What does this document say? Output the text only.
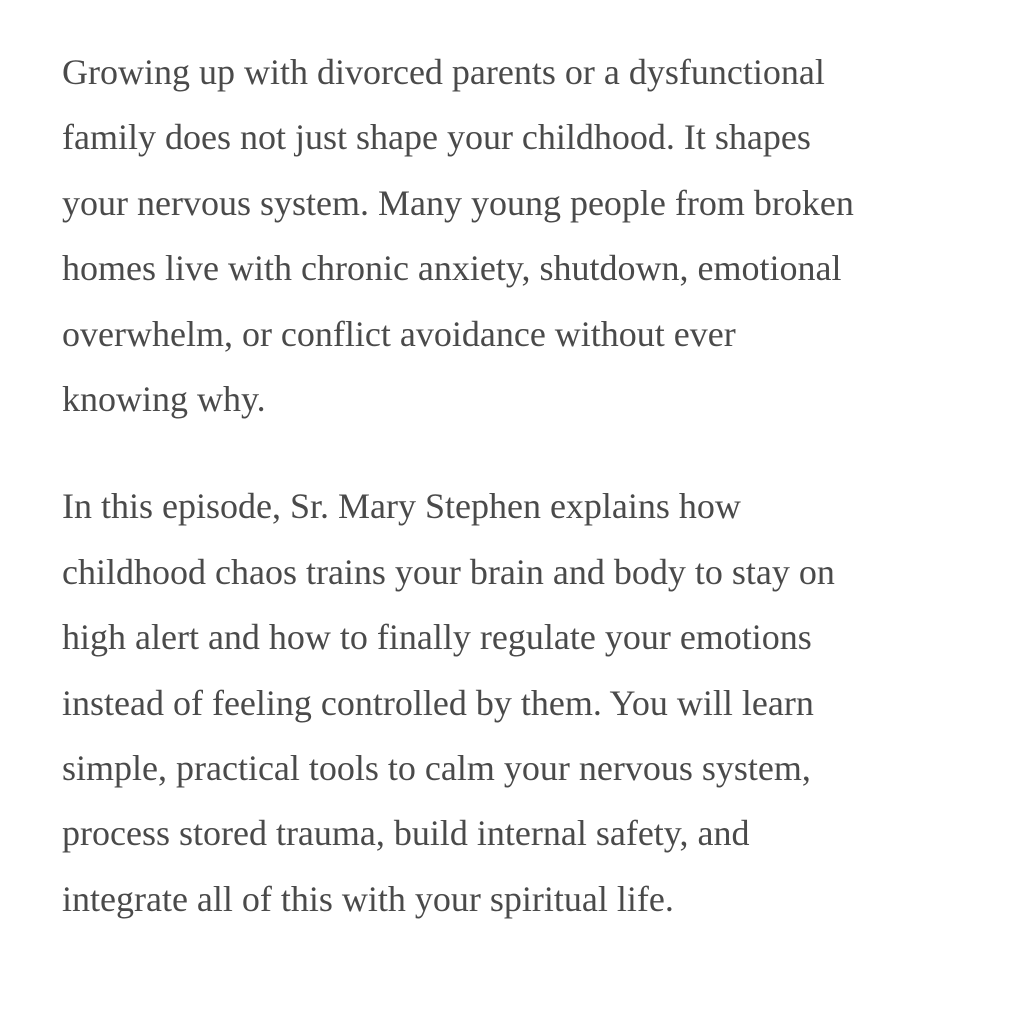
Growing up with divorced parents or a dysfunctional
family does not just shape your childhood. It shapes
your nervous system. Many young people from broken
homes live with chronic anxiety, shutdown, emotional
overwhelm, or conflict avoidance without ever
knowing why.

In this episode, Sr. Mary Stephen explains how
childhood chaos trains your brain and body to stay on
high alert and how to finally regulate your emotions
instead of feeling controlled by them. You will learn
simple, practical tools to calm your nervous system,
process stored trauma, build internal safety, and
integrate all of this with your spiritual life.
